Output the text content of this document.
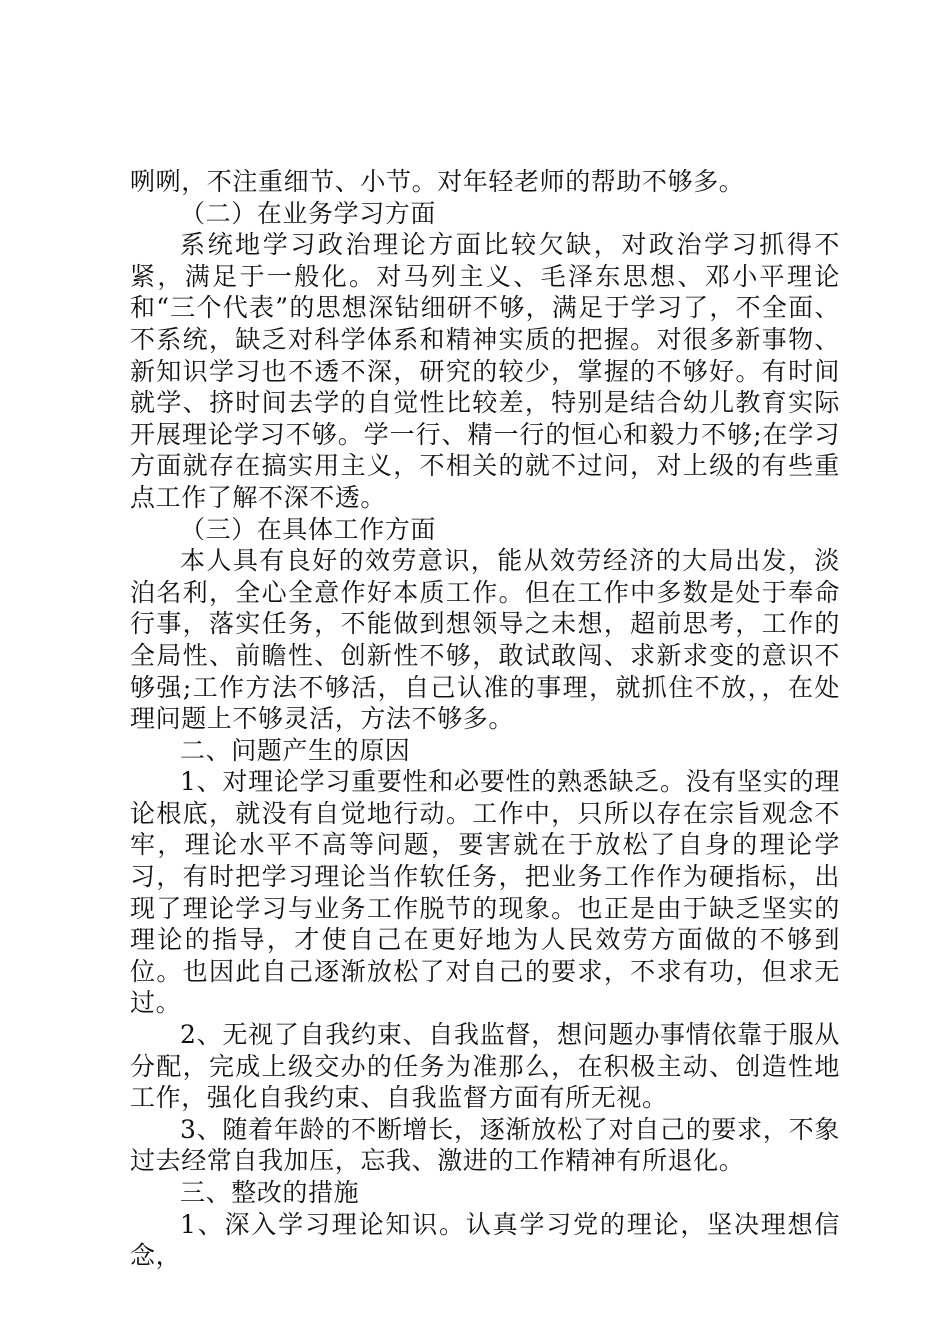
咧咧，不注重细节、小节。对年轻老师的帮助不够多。

（二）在业务学习方面

系统地学习政治理论方面比较欠缺，对政治学习抓得不紧，满足于一般化。对马列主义、毛泽东思想、邓小平理论和“三个代表”的思想深钻细研不够，满足于学习了，不全面、不系统，缺乏对科学体系和精神实质的把握。对很多新事物、新知识学习也不透不深，研究的较少，掌握的不够好。有时间就学、挤时间去学的自觉性比较差，特别是结合幼儿教育实际开展理论学习不够。学一行、精一行的恒心和毅力不够;在学习方面就存在搞实用主义，不相关的就不过问，对上级的有些重点工作了解不深不透。

（三）在具体工作方面

本人具有良好的效劳意识，能从效劳经济的大局出发，淡泊名利，全心全意作好本质工作。但在工作中多数是处于奉命行事，落实任务，不能做到想领导之未想，超前思考，工作的全局性、前瞻性、创新性不够，敢试敢闯、求新求变的意识不够强;工作方法不够活，自己认准的事理，就抓住不放，，在处理问题上不够灵活，方法不够多。

二、问题产生的原因

1、对理论学习重要性和必要性的熟悉缺乏。没有坚实的理论根底，就没有自觉地行动。工作中，只所以存在宗旨观念不牢，理论水平不高等问题，要害就在于放松了自身的理论学习，有时把学习理论当作软任务，把业务工作作为硬指标，出现了理论学习与业务工作脱节的现象。也正是由于缺乏坚实的理论的指导，才使自己在更好地为人民效劳方面做的不够到位。也因此自己逐渐放松了对自己的要求，不求有功，但求无过。

2、无视了自我约束、自我监督，想问题办事情依靠于服从分配，完成上级交办的任务为准那么，在积极主动、创造性地工作，强化自我约束、自我监督方面有所无视。

3、随着年龄的不断增长，逐渐放松了对自己的要求，不象过去经常自我加压，忘我、激进的工作精神有所退化。

三、整改的措施

1、深入学习理论知识。认真学习党的理论，坚决理想信念，
